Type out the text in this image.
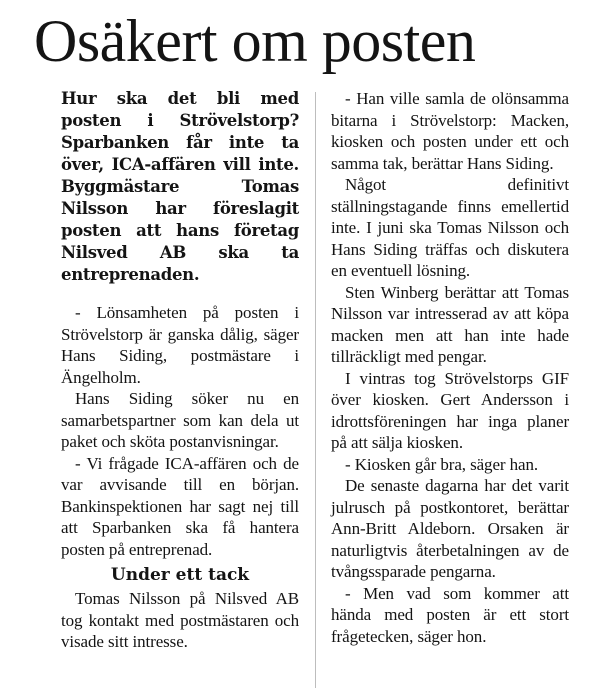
Osäkert om posten

Hur ska det bli med posten i Strövelstorp? Sparbanken får inte ta över, ICA-affären vill inte. Byggmästare Tomas Nilsson har föreslagit posten att hans företag Nilsved AB ska ta entreprenaden.

- Lönsamheten på posten i Strövelstorp är ganska dålig, säger Hans Siding, postmästare i Ängelholm.

Hans Siding söker nu en samarbetspartner som kan dela ut paket och sköta postanvisningar.

- Vi frågade ICA-affären och de var avvisande till en början. Bankinspektionen har sagt nej till att Sparbanken ska få hantera posten på entreprenad.

Under ett tack

Tomas Nilsson på Nilsved AB tog kontakt med postmästaren och visade sitt intresse.

- Han ville samla de olönsamma bitarna i Strövelstorp: Macken, kiosken och posten under ett och samma tak, berättar Hans Siding.

Något definitivt ställningstagande finns emellertid inte. I juni ska Tomas Nilsson och Hans Siding träffas och diskutera en eventuell lösning.

Sten Winberg berättar att Tomas Nilsson var intresserad av att köpa macken men att han inte hade tillräckligt med pengar.

I vintras tog Strövelstorps GIF över kiosken. Gert Andersson i idrottsföreningen har inga planer på att sälja kiosken.

- Kiosken går bra, säger han.

De senaste dagarna har det varit julrusch på postkontoret, berättar Ann-Britt Aldeborn. Orsaken är naturligtvis återbetalningen av de tvångssparade pengarna.

- Men vad som kommer att hända med posten är ett stort frågetecken, säger hon.
